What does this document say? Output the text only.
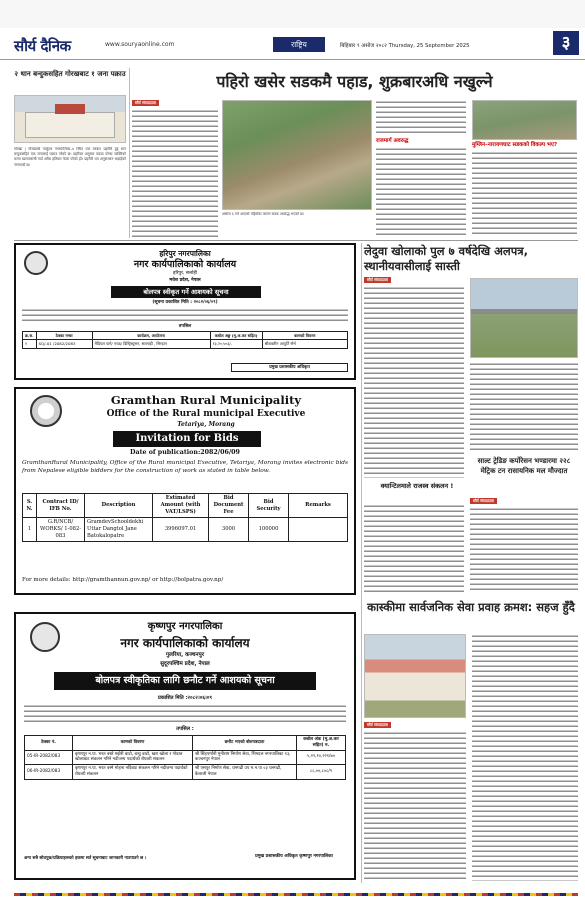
सौर्य दैनिक	www.souryaonline.com	राष्ट्रिय	बिहिबार ९ असोज २०८२ Thursday, 25 September 2025	३
२ थान बन्दुकसहित गोरखबाट १ जना पक्राउ
गोरखा / गोरखाको पालुंटार नगरपालिका–४ स्थित एक घरबाट प्रहरीले दुई थान बन्दुकसहित एक जनालाई पक्राउ गरेको छ। प्रहरीका अनुसार पक्राउ परेका व्यक्तिको घरमा खानतलासी गर्दा अवैध हतियार फेला परेको हो। प्रहरीले थप अनुसन्धान भइरहेको जनाएको छ।
पहिरो खसेर सडकमै पहाड, शुक्रबारअधि नखुल्ने
सौर्य संवाददाता
असोज ६ गते आएको पहिरोका कारण सडक अवरुद्ध भएको छ।
राजमार्ग अवरुद्ध
मुग्लिन–नारायणघाट सडकको विकल्प भए?
हरिपुर नगरपालिका
नगर कार्यपालिकाको कार्यालय
हरिपुर, सर्लाही
मधेश प्रदेश, नेपाल
बोलपत्र स्वीकृत गर्ने आशयको सूचना
(सूचना प्रकाशित मिति : २०८२/०६/०९)
तपसिल
क्र.स.	ठेक्का नम्बर	कार्यक्रम, आयोजना	कबोल अङ्क (मू.अ.कर सहित)	कामको विवरण
१	SQ/-01 /2082/2083	मेडिपल फर्म/ एचड/ डिस्ट्रिब्युसन, सल्लाही , सिरहान	१३,२०,५०३/-	श्रीशक्तीन आपुर्ति र्सर्भ
प्रमुख प्रशासकीय अधिकृत
Gramthan Rural Municipality
Office of the Rural municipal Executive
Tetariya, Morang
Invitation for Bids
Date of publication:2082/06/09
GramthanRural Municipality, Office of the Rural municipal Executive, Tetariya, Morang invites electronic bids from Nepalese eligible bidders for the construction of work as stated in table below.
S. N.	Contract ID/ IFB No.	Description	Estimated Amount (with VAT/LSPS)	Bid Document Fee	Bid Security	Remarks
1	G.R/NCB/ WORKS/ 1-082-083	GramdevSchooldekhi Uttar Dangtol Jane Batokalopatre	3996097.01	3000	100000	
For more details: http://gramthannun.gov.np/ or http://bolpatra.gov.np/
कृष्णपुर नगरपालिका
नगर कार्यपालिकाको कार्यालय
गुलरिया, कञ्चनपुर
सुदूरपश्चिम प्रदेश, नेपाल
बोलपत्र स्वीकृतिका लागि छनौट गर्ने आशयको सूचना
प्रकाशित मिति :२०८२।०६।०९
तपसिल :
ठेक्का नं.	कामको विवरण	छनौट भएको बोलपत्रदाता	कबोल अंक (मू.अ.कर सहित) रु.
05-IR-2082/083	कृष्णपुर न.पा. भरत वस्ते मझेरी बाटो, बन्धु बाटो, खरा खोला र गोडाल खोलाबाट संकलन गरिने नदीजन्य पदार्थको रोयल्टी संकलन	श्री सिंहपर्मानी मुनीराम निर्माण सेवा, भिमदत्त नगरपालिका १३, कञ्चनपुर नेपाल	५,२२,१०,२२१/७०
06-IR-2082/083	कृष्णपुर न.पा. भरत वस्ने मोहना नदिबाट संकलन गरिने नदीजन्य पदार्थको रोयल्टी संकलन	श्री एसपुर निर्माण सेवा, धनगढी उप म.न.पा ०३ धनगढी, कैलाली नेपाल	८८,००,८०८/९
अन्य सबै सोधपुछ/प्रक्रियाहरूको हकमा सर्त सूचनाबाट जानकारी नाउपाउने छ ।	प्रमुख प्रशासकीय अधिकृत कृष्णपुर नगरपालिका
लेदुवा खोलाको पुल ७ वर्षदेखि अलपत्र, स्थानीयवासीलाई सास्ती
सौर्य संवाददाता
क्यान्टिलमाले राजस्व संकलन !
साल्ट ट्रेडिङ कर्पोरेसन भण्डारमा २२८ मेट्रिक टन रासायनिक मल मौज्दात
सौर्य संवाददाता
कास्कीमा सार्वजनिक सेवा प्रवाह क्रमश: सहज हुँदै
सौर्य संवाददाता
